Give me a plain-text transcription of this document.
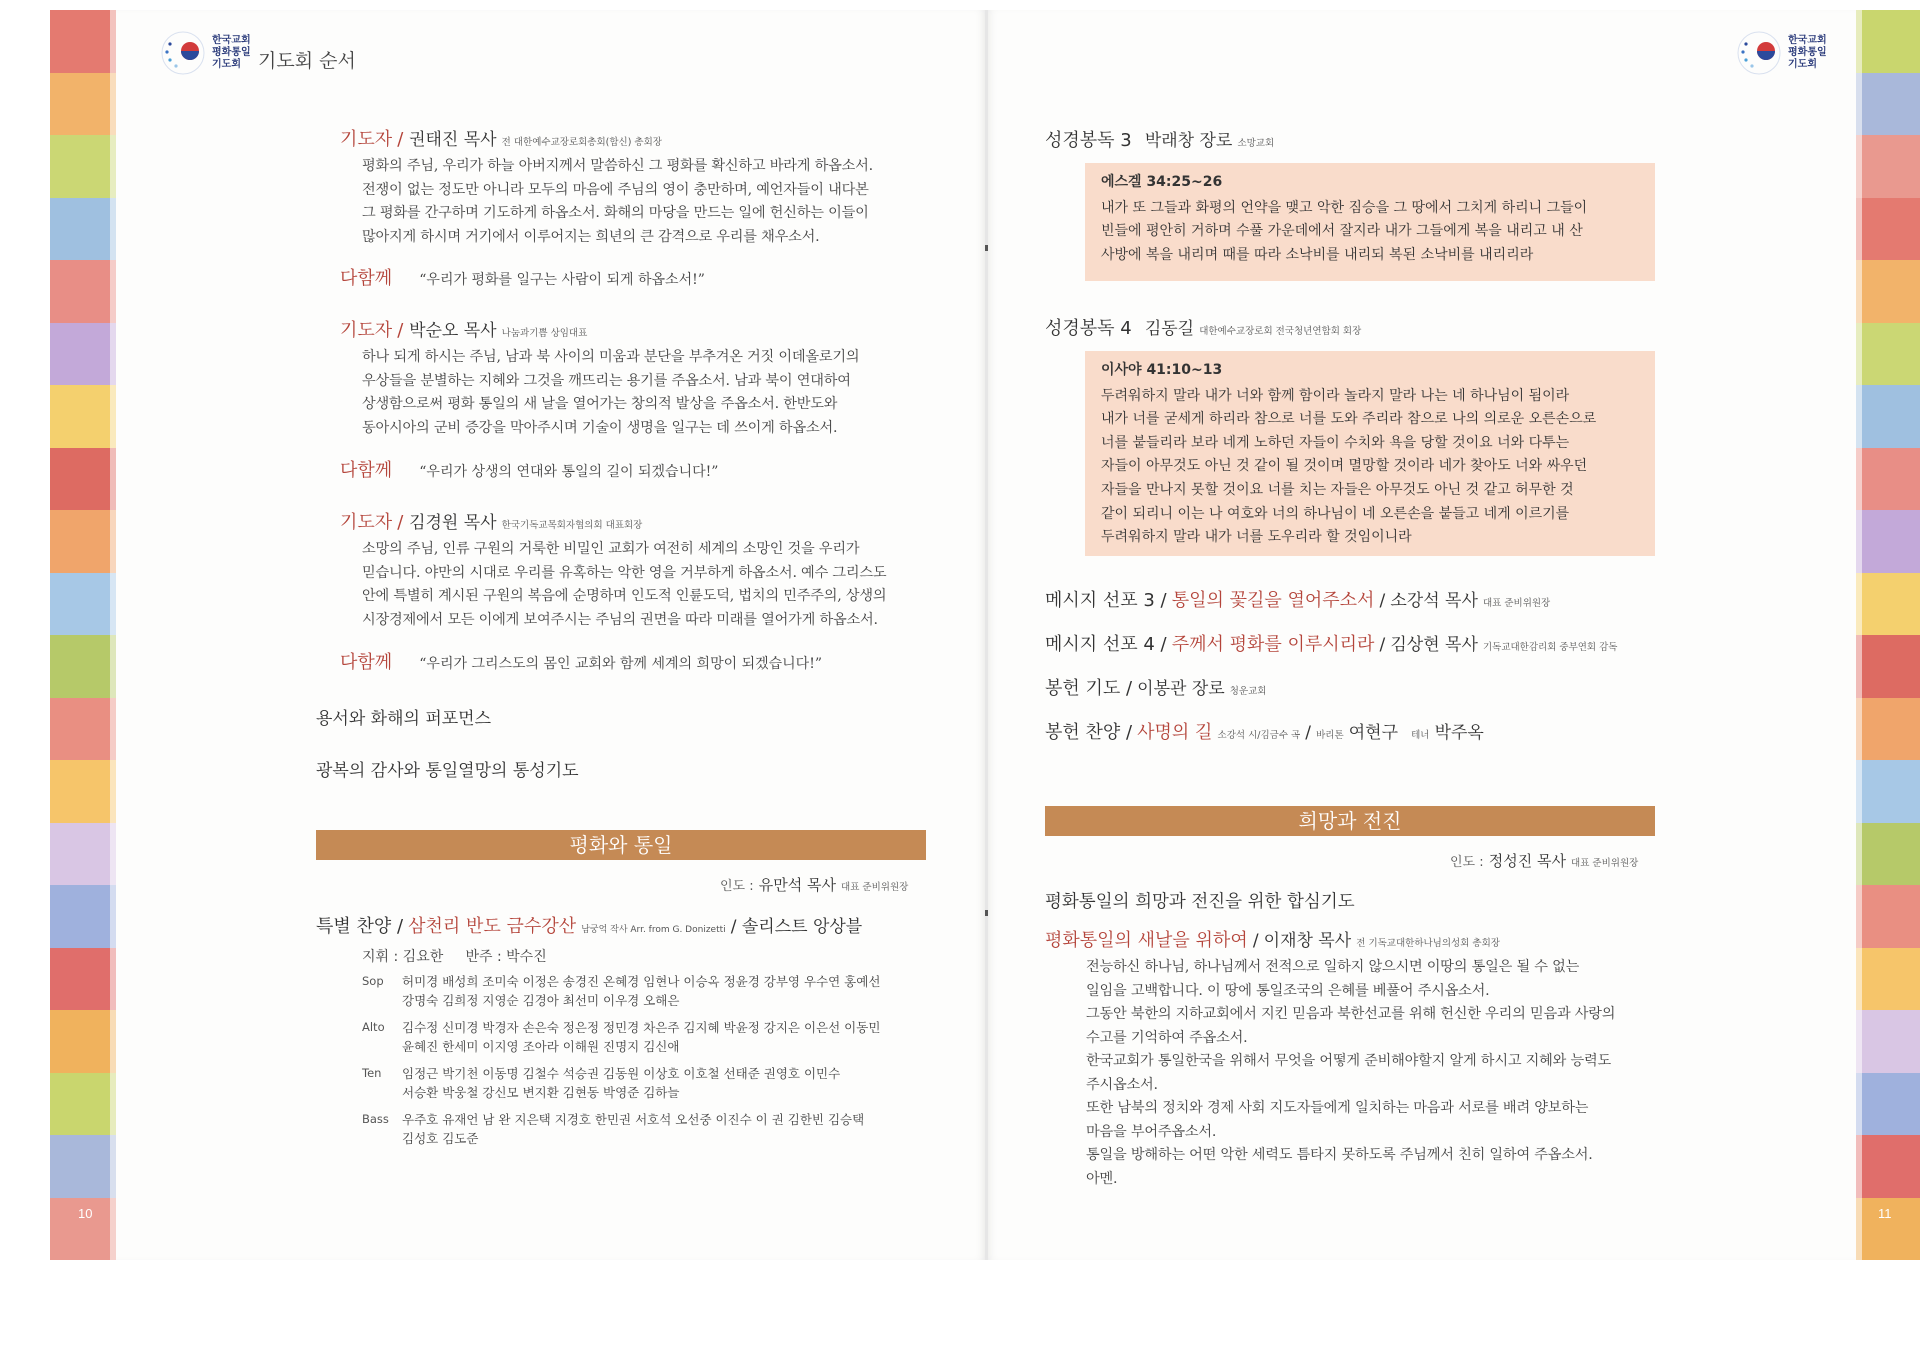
10	11
한국교회
평화통일
기도회 기도회 순서
한국교회
평화통일
기도회
기도자 / 권태진 목사 전 대한예수교장로회총회(합신) 총회장
평화의 주님, 우리가 하늘 아버지께서 말씀하신 그 평화를 확신하고 바라게 하옵소서.
전쟁이 없는 정도만 아니라 모두의 마음에 주님의 영이 충만하며, 예언자들이 내다본
그 평화를 간구하며 기도하게 하옵소서. 화해의 마당을 만드는 일에 헌신하는 이들이
많아지게 하시며 거기에서 이루어지는 희년의 큰 감격으로 우리를 채우소서.
다함께 “우리가 평화를 일구는 사람이 되게 하옵소서!”
기도자 / 박순오 목사 나눔과기쁨 상임대표
하나 되게 하시는 주님, 남과 북 사이의 미움과 분단을 부추겨온 거짓 이데올로기의
우상들을 분별하는 지혜와 그것을 깨뜨리는 용기를 주옵소서. 남과 북이 연대하여
상생함으로써 평화 통일의 새 날을 열어가는 창의적 발상을 주옵소서. 한반도와
동아시아의 군비 증강을 막아주시며 기술이 생명을 일구는 데 쓰이게 하옵소서.
다함께 “우리가 상생의 연대와 통일의 길이 되겠습니다!”
기도자 / 김경원 목사 한국기독교목회자협의회 대표회장
소망의 주님, 인류 구원의 거룩한 비밀인 교회가 여전히 세계의 소망인 것을 우리가
믿습니다. 야만의 시대로 우리를 유혹하는 악한 영을 거부하게 하옵소서. 예수 그리스도
안에 특별히 계시된 구원의 복음에 순명하며 인도적 인륜도덕, 법치의 민주주의, 상생의
시장경제에서 모든 이에게 보여주시는 주님의 권면을 따라 미래를 열어가게 하옵소서.
다함께 “우리가 그리스도의 몸인 교회와 함께 세계의 희망이 되겠습니다!”
용서와 화해의 퍼포먼스
광복의 감사와 통일열망의 통성기도
평화와 통일
인도 : 유만석 목사 대표 준비위원장
특별 찬양 / 삼천리 반도 금수강산 남궁억 작사 Arr. from G. Donizetti / 솔리스트 앙상블
지휘 : 김요한     반주 : 박수진
Sop	허미경 배성희 조미숙 이정은 송경진 온혜경 임현나 이승옥 정윤경 강부영 우수연 홍예선
강명숙 김희정 지영순 김경아 최선미 이우경 오해은
Alto	김수정 신미경 박경자 손은숙 정은정 정민경 차은주 김지혜 박윤정 강지은 이은선 이동민
윤혜진 한세미 이지영 조아라 이해원 진명지 김신애
Ten	임정근 박기천 이동명 김철수 석승권 김동원 이상호 이호철 선태준 권영호 이민수
서승환 박웅철 강신모 변지환 김현동 박영준 김하늘
Bass	우주호 유재언 남 완 지은택 지경호 한민권 서호석 오선중 이진수 이 권 김한빈 김승택
김성호 김도준
성경봉독 3 박래창 장로 소망교회
에스겔 34:25~26
내가 또 그들과 화평의 언약을 맺고 악한 짐승을 그 땅에서 그치게 하리니 그들이
빈들에 평안히 거하며 수풀 가운데에서 잘지라 내가 그들에게 복을 내리고 내 산
사방에 복을 내리며 때를 따라 소낙비를 내리되 복된 소낙비를 내리리라
성경봉독 4 김동길 대한예수교장로회 전국청년연합회 회장
이사야 41:10~13
두려워하지 말라 내가 너와 함께 함이라 놀라지 말라 나는 네 하나님이 됨이라
내가 너를 굳세게 하리라 참으로 너를 도와 주리라 참으로 나의 의로운 오른손으로
너를 붙들리라 보라 네게 노하던 자들이 수치와 욕을 당할 것이요 너와 다투는
자들이 아무것도 아닌 것 같이 될 것이며 멸망할 것이라 네가 찾아도 너와 싸우던
자들을 만나지 못할 것이요 너를 치는 자들은 아무것도 아닌 것 같고 허무한 것
같이 되리니 이는 나 여호와 너의 하나님이 네 오른손을 붙들고 네게 이르기를
두려워하지 말라 내가 너를 도우리라 할 것임이니라
메시지 선포 3 / 통일의 꽃길을 열어주소서 / 소강석 목사 대표 준비위원장
메시지 선포 4 / 주께서 평화를 이루시리라 / 김상현 목사 기독교대한감리회 중부연회 감독
봉헌 기도 / 이봉관 장로 청운교회
봉헌 찬양 / 사명의 길 소강석 시/김금수 곡 / 바리톤 여현구 테너 박주옥
희망과 전진
인도 : 정성진 목사 대표 준비위원장
평화통일의 희망과 전진을 위한 합심기도
평화통일의 새날을 위하여 / 이재창 목사 전 기독교대한하나님의성회 총회장
전능하신 하나님, 하나님께서 전적으로 일하지 않으시면 이땅의 통일은 될 수 없는
일임을 고백합니다. 이 땅에 통일조국의 은혜를 베풀어 주시옵소서.
그동안 북한의 지하교회에서 지킨 믿음과 북한선교를 위해 헌신한 우리의 믿음과 사랑의
수고를 기억하여 주옵소서.
한국교회가 통일한국을 위해서 무엇을 어떻게 준비해야할지 알게 하시고 지혜와 능력도
주시옵소서.
또한 남북의 정치와 경제 사회 지도자들에게 일치하는 마음과 서로를 배려 양보하는
마음을 부어주옵소서.
통일을 방해하는 어떤 악한 세력도 틈타지 못하도록 주님께서 친히 일하여 주옵소서.
아멘.
